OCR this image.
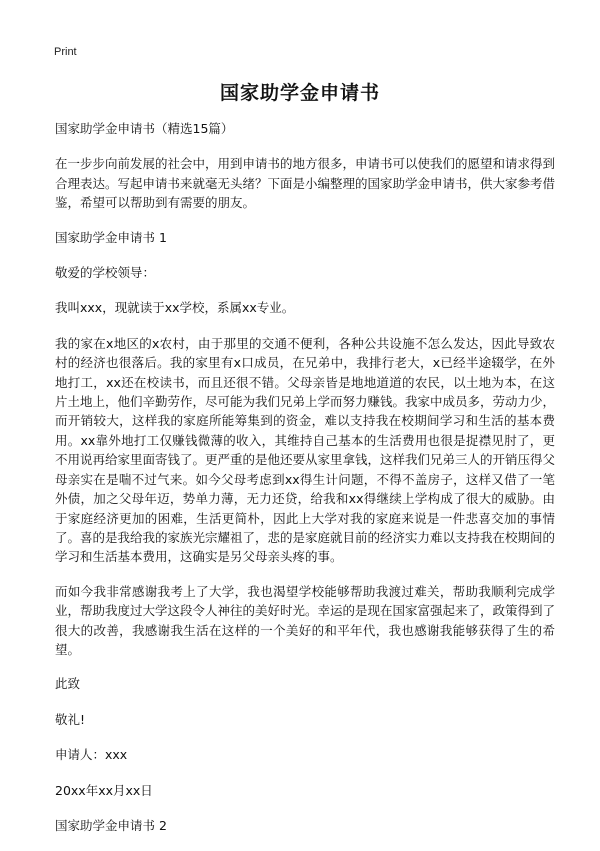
Print
国家助学金申请书

国家助学金申请书（精选15篇）

在一步步向前发展的社会中，用到申请书的地方很多，申请书可以使我们的愿望和请求得到合理表达。写起申请书来就毫无头绪？下面是小编整理的国家助学金申请书，供大家参考借鉴，希望可以帮助到有需要的朋友。

国家助学金申请书 1

敬爱的学校领导：

我叫xxx，现就读于xx学校，系属xx专业。

我的家在x地区的x农村，由于那里的交通不便利，各种公共设施不怎么发达，因此导致农村的经济也很落后。我的家里有x口成员，在兄弟中，我排行老大，x已经半途辍学，在外地打工，xx还在校读书，而且还很不错。父母亲皆是地地道道的农民，以土地为本，在这片土地上，他们辛勤劳作，尽可能为我们兄弟上学而努力赚钱。我家中成员多，劳动力少，而开销较大，这样我的家庭所能筹集到的资金，难以支持我在校期间学习和生活的基本费用。xx靠外地打工仅赚钱微薄的收入，其维持自己基本的生活费用也很是捉襟见肘了，更不用说再给家里面寄钱了。更严重的是他还要从家里拿钱，这样我们兄弟三人的开销压得父母亲实在是喘不过气来。如今父母考虑到xx得生计问题，不得不盖房子，这样又借了一笔外债，加之父母年迈，势单力薄，无力还贷，给我和xx得继续上学构成了很大的威胁。由于家庭经济更加的困难，生活更简朴，因此上大学对我的家庭来说是一件悲喜交加的事情了。喜的是我给我的家族光宗耀祖了，悲的是家庭就目前的经济实力难以支持我在校期间的学习和生活基本费用，这确实是另父母亲头疼的事。

而如今我非常感谢我考上了大学，我也渴望学校能够帮助我渡过难关，帮助我顺利完成学业，帮助我度过大学这段令人神往的美好时光。幸运的是现在国家富强起来了，政策得到了很大的改善，我感谢我生活在这样的一个美好的和平年代，我也感谢我能够获得了生的希望。

此致

敬礼!

申请人：xxx

20xx年xx月xx日

国家助学金申请书 2
